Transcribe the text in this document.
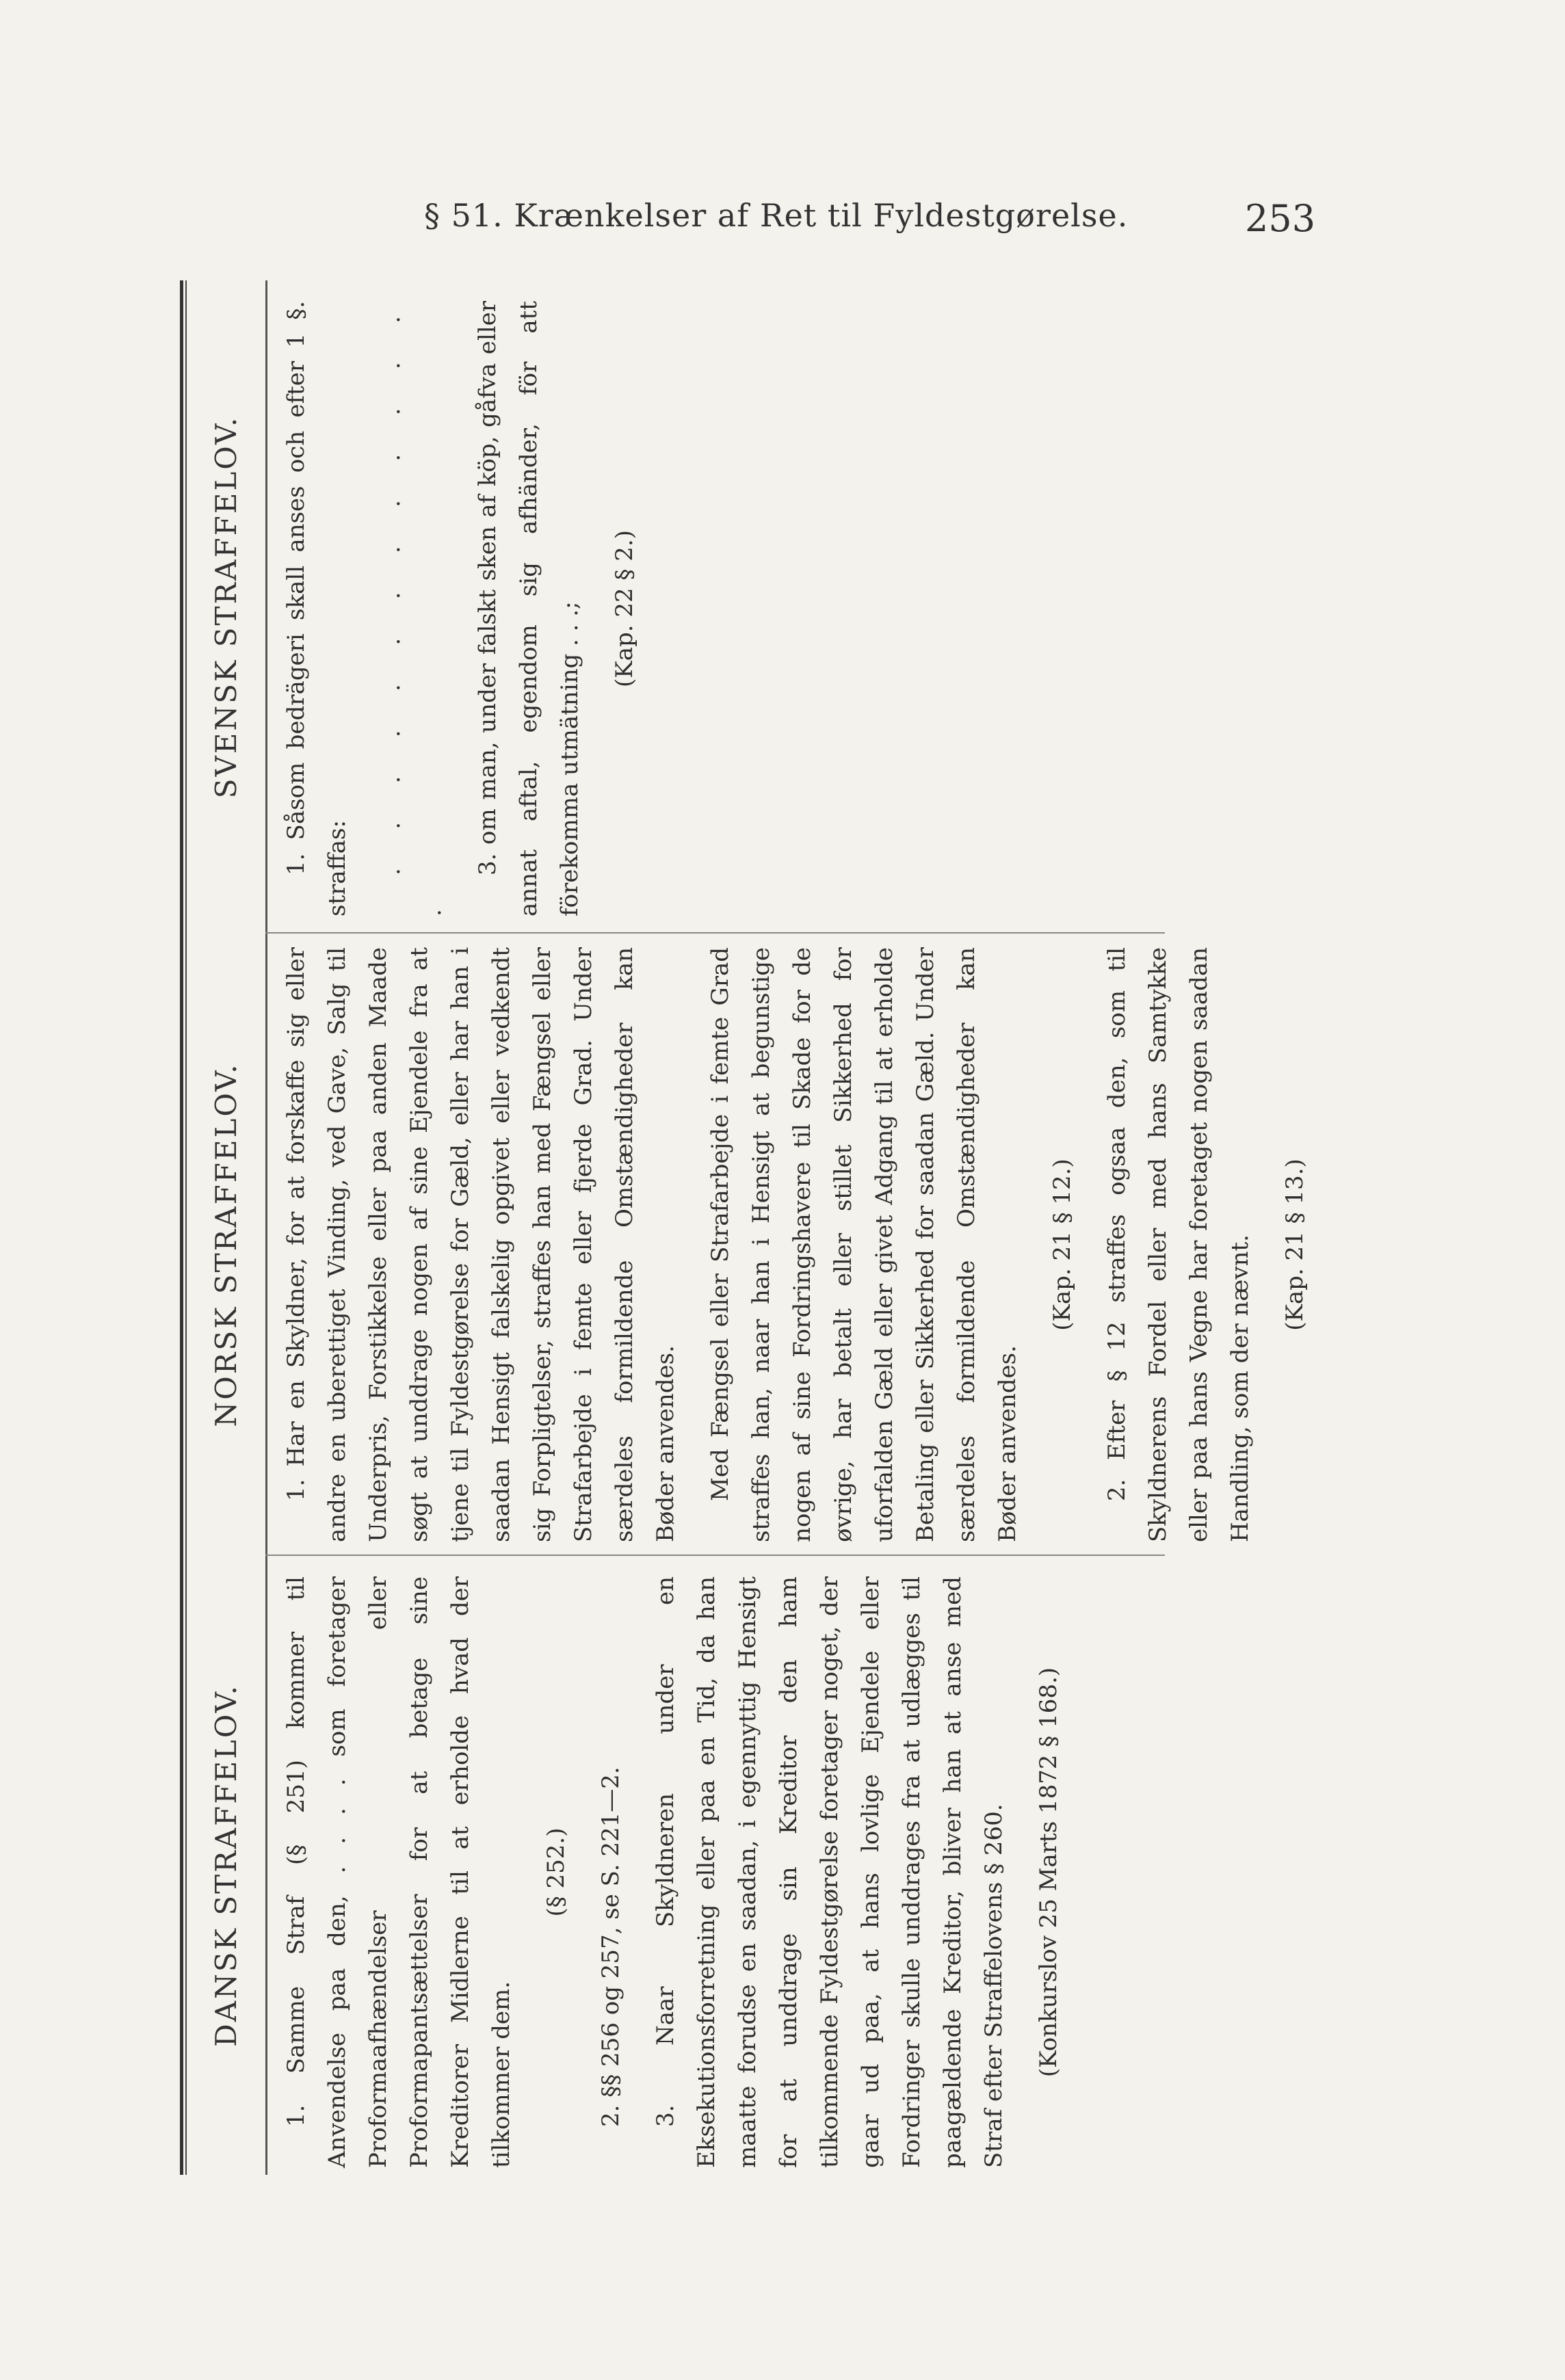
§ 51. Krænkelser af Ret til Fyldestgørelse.	253
DANSK STRAFFELOV.
NORSK STRAFFELOV.
SVENSK STRAFFELOV.

1. Samme Straf (§ 251) kommer til Anvendelse paa den, . . . . som foretager Proformaafhændelser eller Proformapantsættelser for at betage sine Kreditorer Midlerne til at erholde hvad der tilkommer dem.

(§ 252.) 2. §§ 256 og 257, se S. 221—2. 3. Naar Skyldneren under en Eksekutionsforretning eller paa en Tid, da han maatte forudse en saadan, i egennyttig Hensigt for at unddrage sin Kreditor den ham tilkommende Fyldestgørelse foretager noget, der gaar ud paa, at hans lovlige Ejendele eller Fordringer skulle unddrages fra at udlægges til paagældende Kreditor, bliver han at anse med Straf efter Straffelovens § 260. (Konkurslov 25 Marts 1872 § 168.)

1. Har en Skyldner, for at forskaffe sig eller andre en uberettiget Vinding, ved Gave, Salg til Underpris, Forstikkelse eller paa anden Maade søgt at unddrage nogen af sine Ejendele fra at tjene til Fyldestgørelse for Gæld, eller har han i saadan Hensigt falskelig opgivet eller vedkendt sig Forpligtelser, straffes han med Fængsel eller Strafarbejde i femte eller fjerde Grad. Under særdeles formildende Omstændigheder kan Bøder anvendes. Med Fængsel eller Strafarbejde i femte Grad straffes han, naar han i Hensigt at begunstige nogen af sine Fordringshavere til Skade for de øvrige, har betalt eller stillet Sikkerhed for uforfalden Gæld eller givet Adgang til at erholde Betaling eller Sikkerhed for saadan Gæld. Under særdeles formildende Omstændigheder kan Bøder anvendes.

(Kap. 21 § 12.) 2. Efter § 12 straffes ogsaa den, som til Skyldnerens Fordel eller med hans Samtykke eller paa hans Vegne har foretaget nogen saadan Handling, som der nævnt. (Kap. 21 § 13.)

1. Såsom bedrägeri skall anses och efter 1 §. straffas: . . . . . . . . . . . . . .

3. om man, under falskt sken af köp, gåfva eller annat aftal, egendom sig afhänder, för att förekomma utmätning . . .; (Kap. 22 § 2.)
